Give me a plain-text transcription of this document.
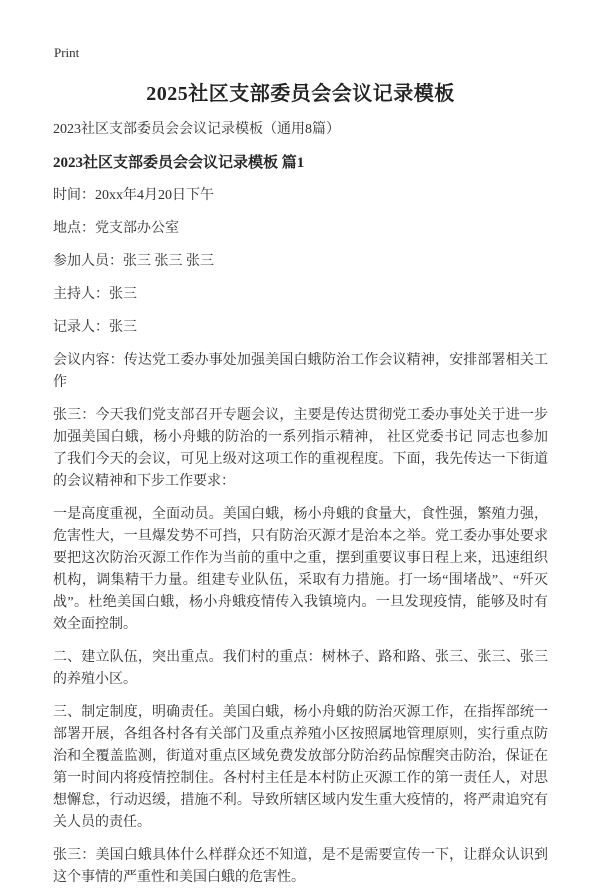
Print
2025社区支部委员会会议记录模板

2023社区支部委员会会议记录模板（通用8篇）

2023社区支部委员会会议记录模板 篇1

时间：20xx年4月20日下午

地点：党支部办公室

参加人员：张三 张三 张三

主持人：张三

记录人：张三

会议内容：传达党工委办事处加强美国白蛾防治工作会议精神，安排部署相关工作

张三：今天我们党支部召开专题会议，主要是传达贯彻党工委办事处关于进一步加强美国白蛾，杨小舟蛾的防治的一系列指示精神， 社区党委书记 同志也参加了我们今天的会议，可见上级对这项工作的重视程度。下面，我先传达一下街道的会议精神和下步工作要求：

一是高度重视，全面动员。美国白蛾，杨小舟蛾的食量大，食性强，繁殖力强，危害性大，一旦爆发势不可挡，只有防治灭源才是治本之举。党工委办事处要求要把这次防治灭源工作作为当前的重中之重，摆到重要议事日程上来，迅速组织机构，调集精干力量。组建专业队伍，采取有力措施。打一场“围堵战”、“歼灭战”。杜绝美国白蛾，杨小舟蛾疫情传入我镇境内。一旦发现疫情，能够及时有效全面控制。

二、建立队伍，突出重点。我们村的重点：树林子、路和路、张三、张三、张三的养殖小区。

三、制定制度，明确责任。美国白蛾，杨小舟蛾的防治灭源工作，在指挥部统一部署开展，各组各村各有关部门及重点养殖小区按照属地管理原则，实行重点防治和全覆盖监测，街道对重点区域免费发放部分防治药品惊醒突击防治，保证在第一时间内将疫情控制住。各村村主任是本村防止灭源工作的第一责任人，对思想懈怠，行动迟缓，措施不利。导致所辖区域内发生重大疫情的，将严肃追究有关人员的责任。

张三：美国白蛾具体什么样群众还不知道，是不是需要宣传一下，让群众认识到这个事情的严重性和美国白蛾的危害性。
